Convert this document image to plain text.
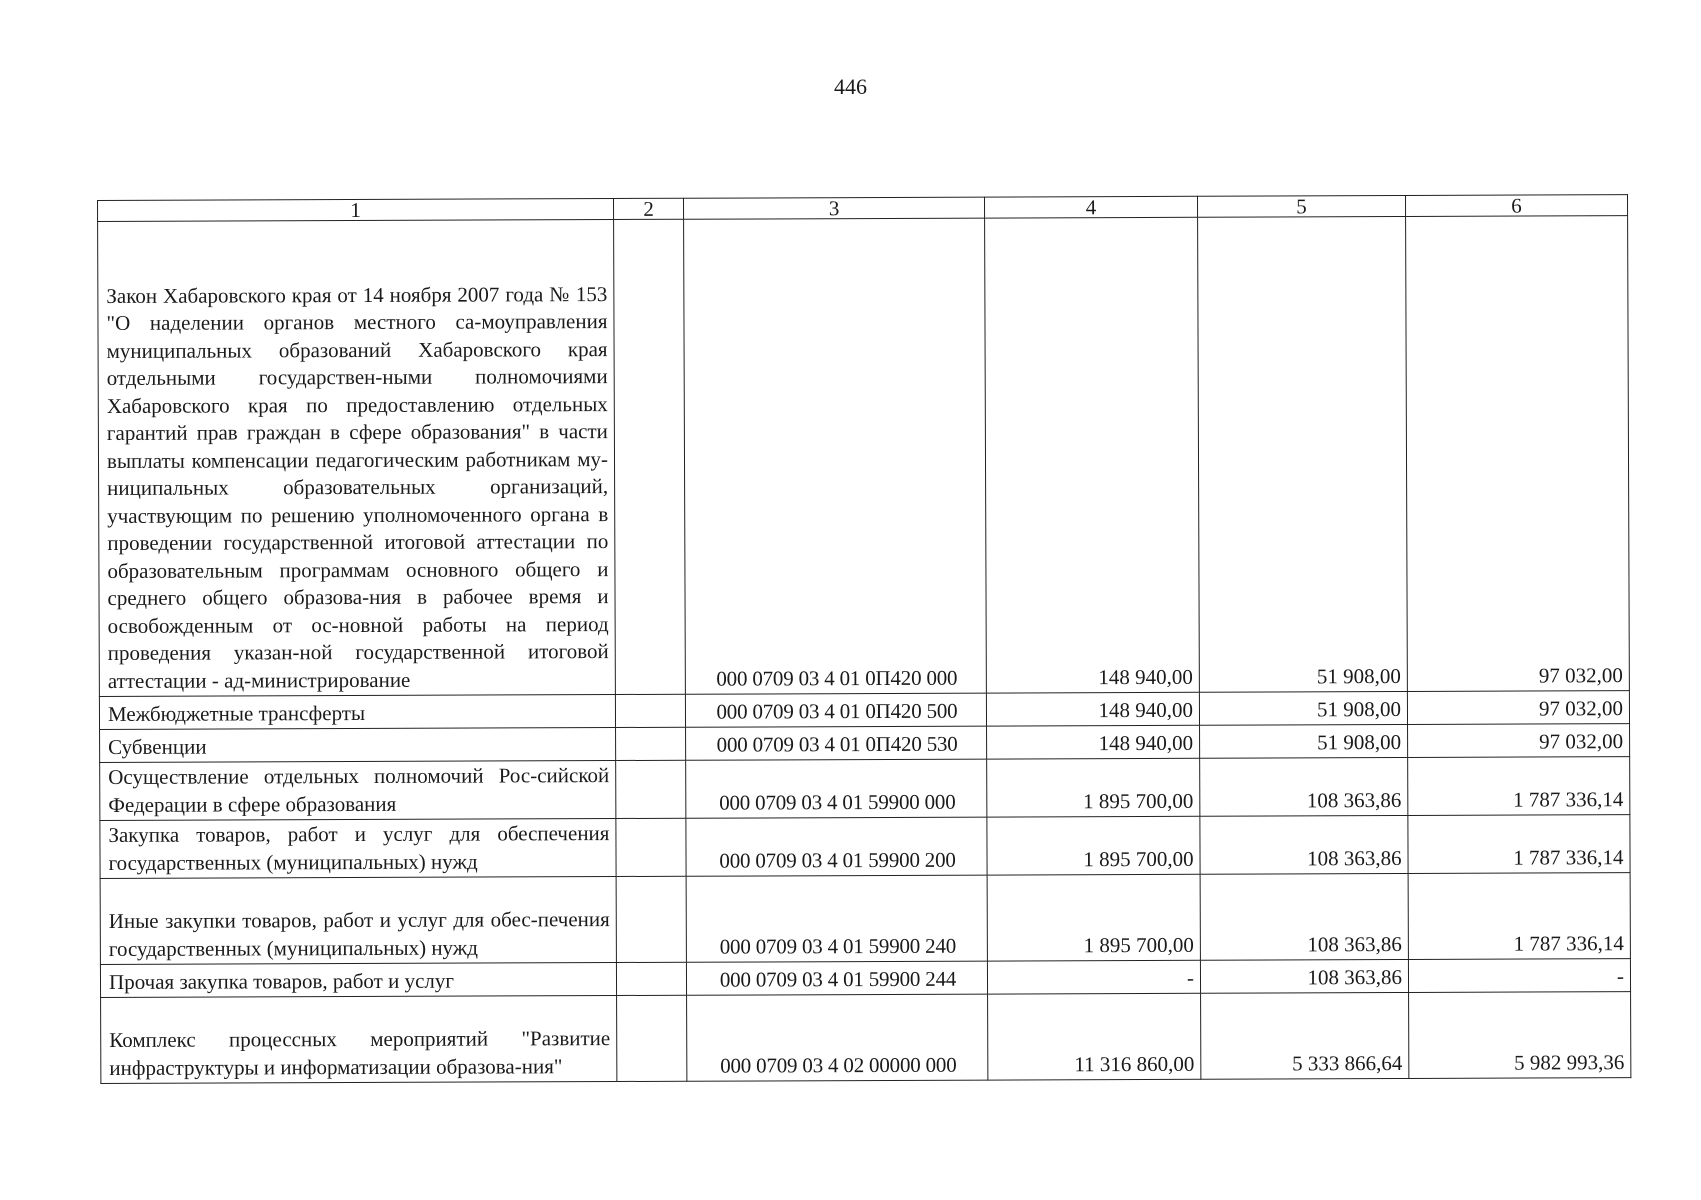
446
1	2	3	4	5	6
Закон Хабаровского края от 14 ноября 2007 года № 153 "О наделении органов местного са-моуправления муниципальных образований Хабаровского края отдельными государствен-ными полномочиями Хабаровского края по предоставлению отдельных гарантий прав граждан в сфере образования" в части выплаты компенсации педагогическим работникам му-ниципальных образовательных организаций, участвующим по решению уполномоченного органа в проведении государственной итоговой аттестации по образовательным программам основного общего и среднего общего образова-ния в рабочее время и освобожденным от ос-новной работы на период проведения указан-ной государственной итоговой аттестации - ад-министрирование		000 0709 03 4 01 0П420 000	148 940,00	51 908,00	97 032,00
Межбюджетные трансферты		000 0709 03 4 01 0П420 500	148 940,00	51 908,00	97 032,00
Субвенции		000 0709 03 4 01 0П420 530	148 940,00	51 908,00	97 032,00
Осуществление отдельных полномочий Рос-сийской Федерации в сфере образования		000 0709 03 4 01 59900 000	1 895 700,00	108 363,86	1 787 336,14
Закупка товаров, работ и услуг для обеспечения государственных (муниципальных) нужд		000 0709 03 4 01 59900 200	1 895 700,00	108 363,86	1 787 336,14
Иные закупки товаров, работ и услуг для обес-печения государственных (муниципальных) нужд		000 0709 03 4 01 59900 240	1 895 700,00	108 363,86	1 787 336,14
Прочая закупка товаров, работ и услуг		000 0709 03 4 01 59900 244	-	108 363,86	-
Комплекс процессных мероприятий "Развитие инфраструктуры и информатизации образова-ния"		000 0709 03 4 02 00000 000	11 316 860,00	5 333 866,64	5 982 993,36
